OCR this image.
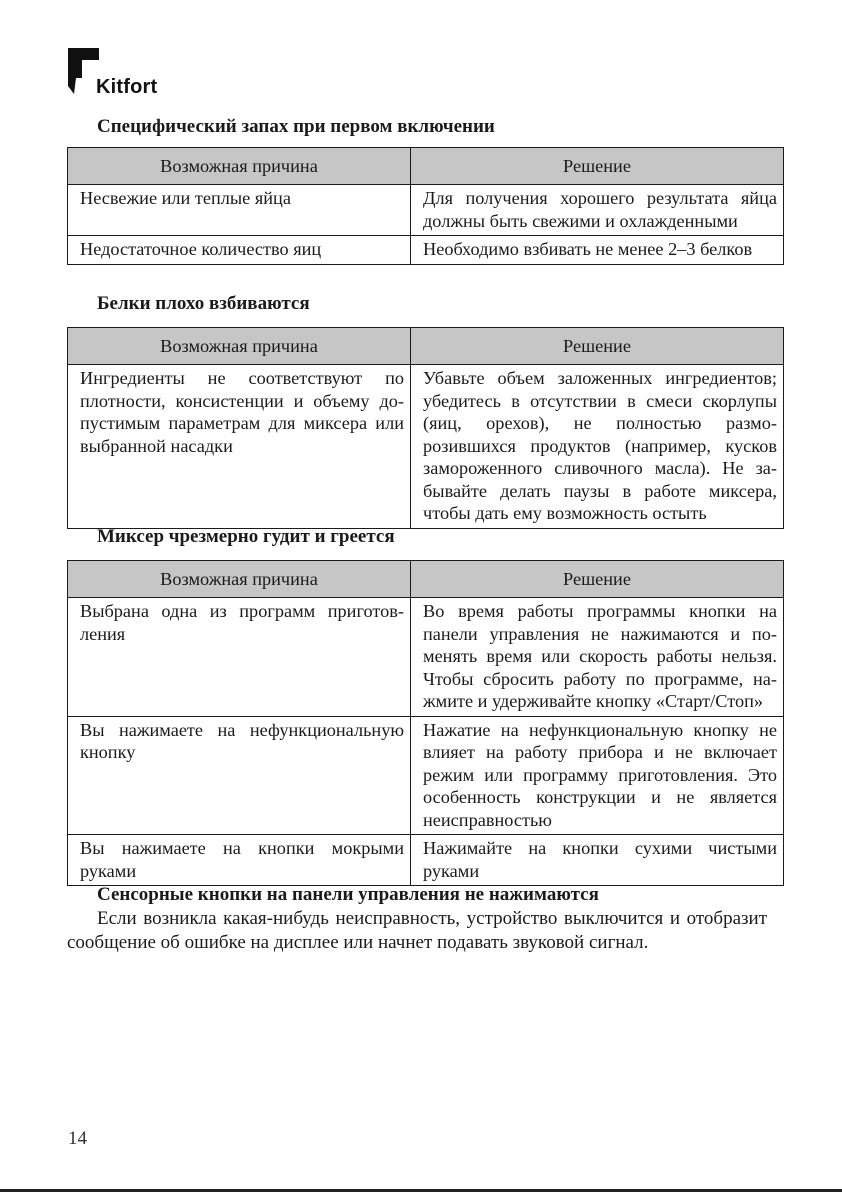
Kitfort
Специфический запах при первом включении
Возможная причина	Решение
Несвежие или теплые яйца	Для получения хорошего результата яйца должны быть свежими и охлажденными
Недостаточное количество яиц	Необходимо взбивать не менее 2–3 белков
Белки плохо взбиваются
Возможная причина	Решение
Ингредиенты не соответствуют по плотности, консистенции и объему допустимым параметрам для миксера или выбранной насадки	Убавьте объем заложенных ингредиентов; убедитесь в отсутствии в смеси скорлупы (яиц, орехов), не полностью разморозившихся продуктов (например, кусков замороженного сливочного масла). Не забывайте делать паузы в работе миксера, чтобы дать ему возможность остыть
Миксер чрезмерно гудит и греется
Возможная причина	Решение
Выбрана одна из программ приготовления	Во время работы программы кнопки на панели управления не нажимаются и поменять время или скорость работы нельзя. Чтобы сбросить работу по программе, нажмите и удерживайте кнопку «Старт/Стоп»
Вы нажимаете на нефункциональную кнопку	Нажатие на нефункциональную кнопку не влияет на работу прибора и не включает режим или программу приготовления. Это особенность конструкции и не является неисправностью
Вы нажимаете на кнопки мокрыми руками	Нажимайте на кнопки сухими чистыми руками
Сенсорные кнопки на панели управления не нажимаются
Если возникла какая-нибудь неисправность, устройство выключится и отобразит сообщение об ошибке на дисплее или начнет подавать звуковой сигнал.
14
